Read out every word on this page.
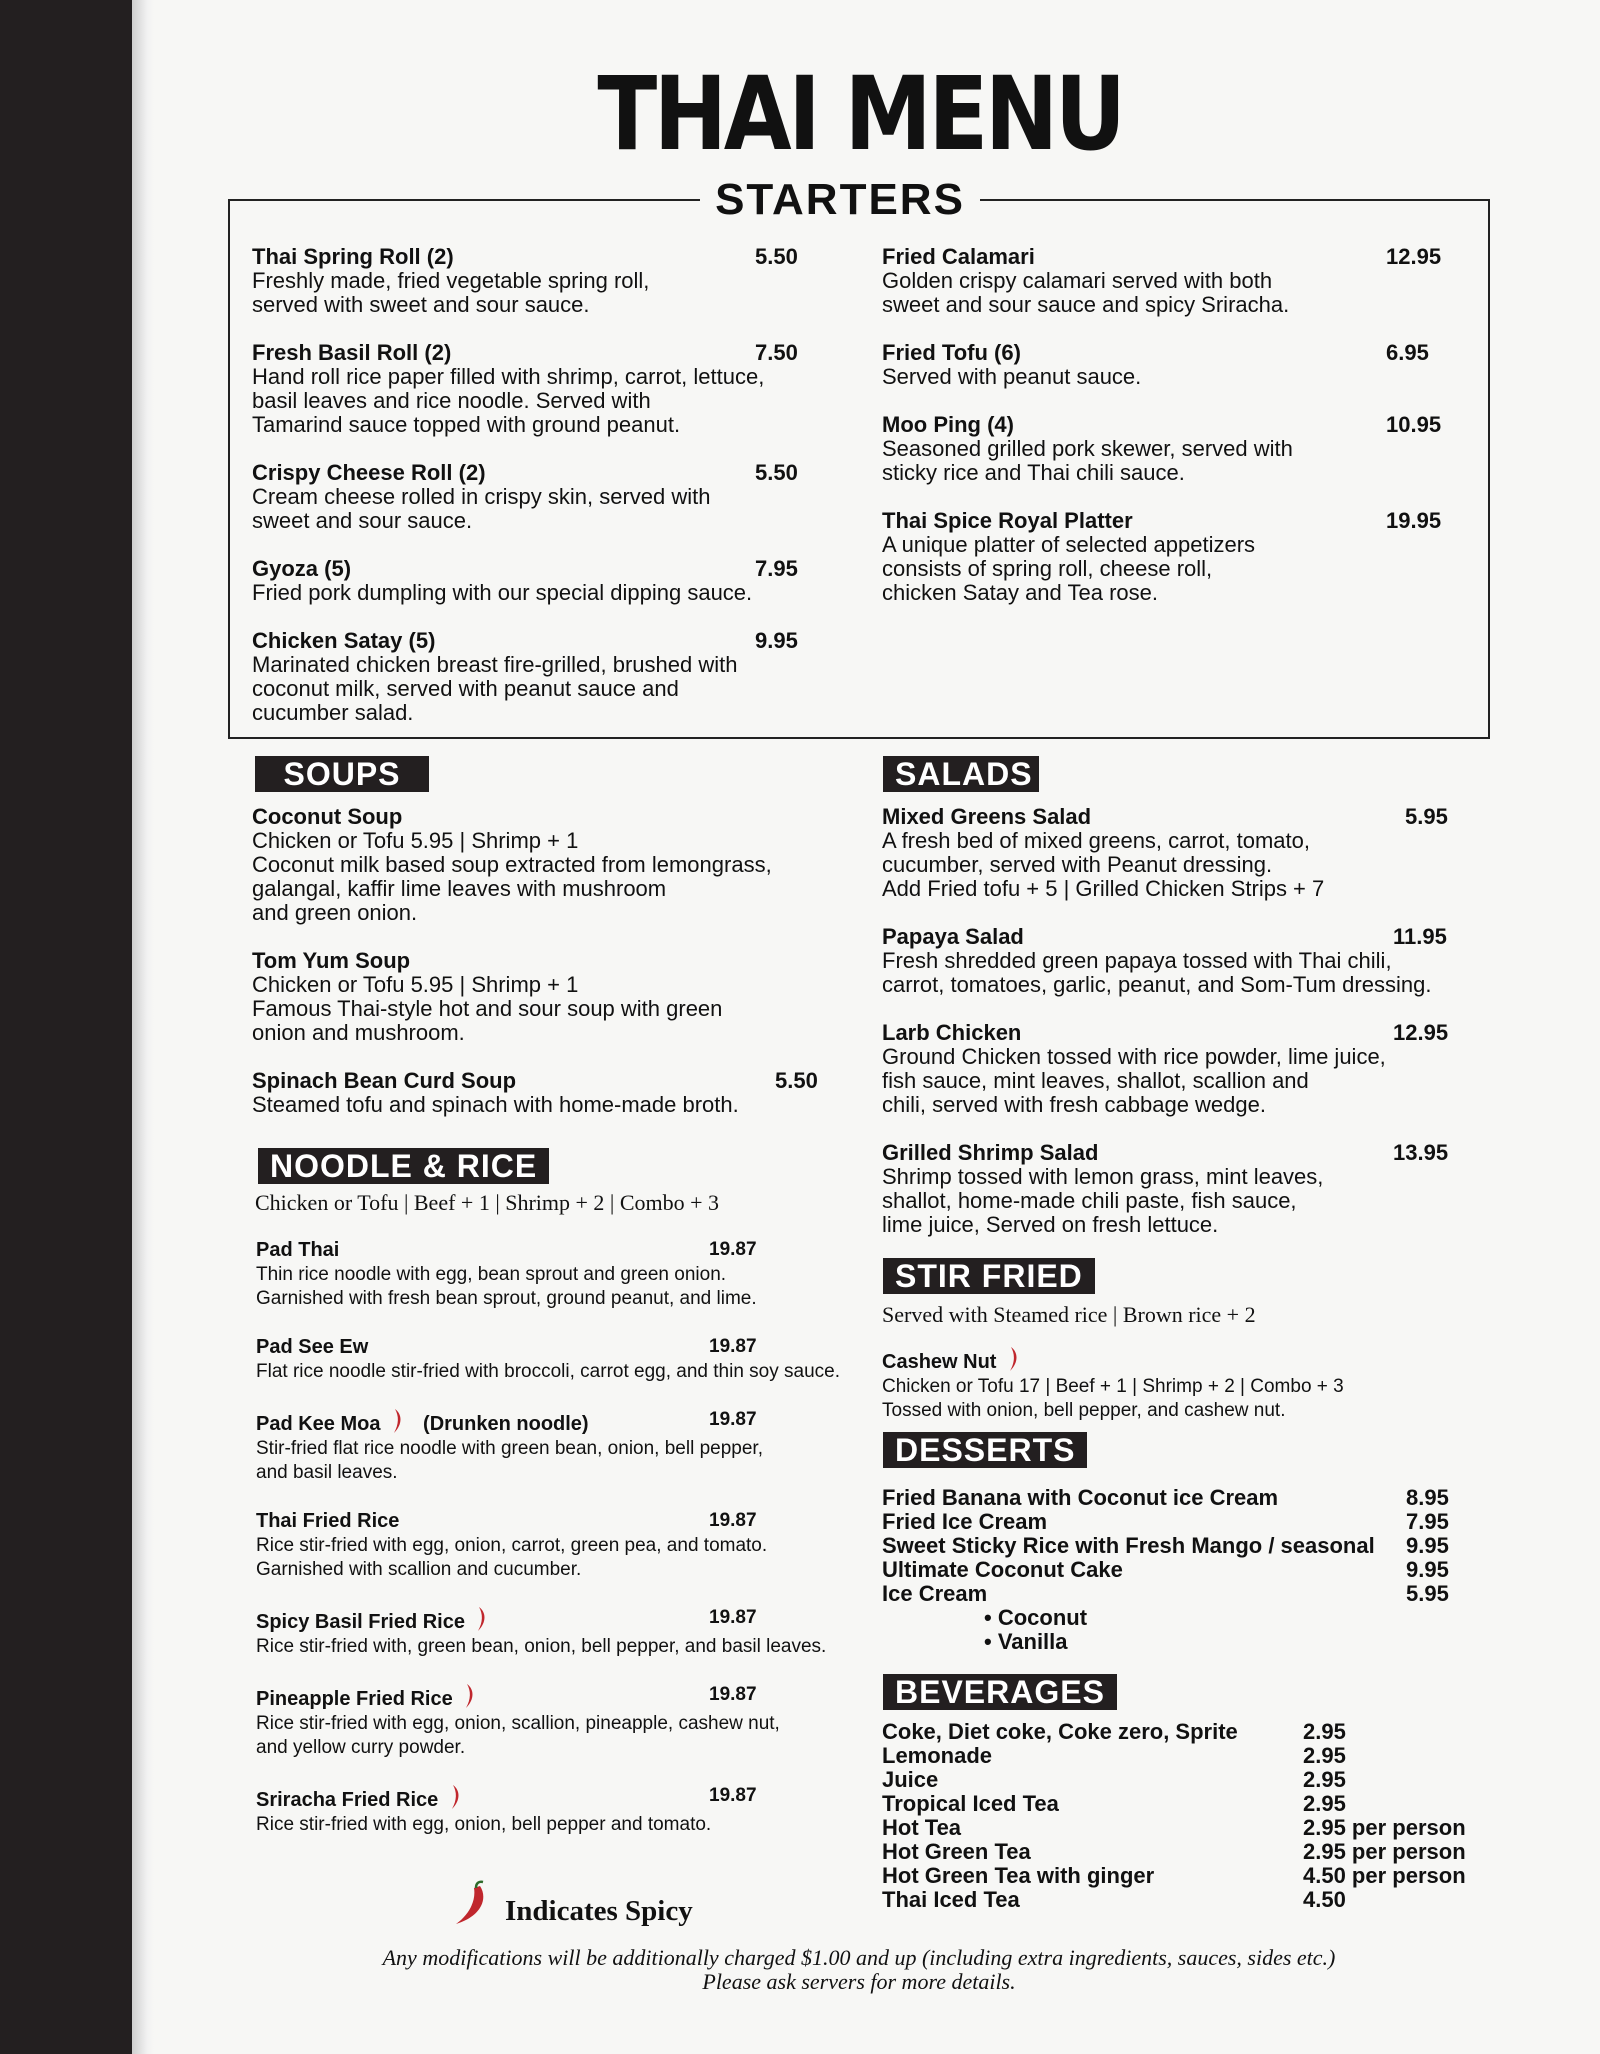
THAI MENU
STARTERS
Thai Spring Roll (2)	5.50
Freshly made, fried vegetable spring roll,
served with sweet and sour sauce.
Fresh Basil Roll (2)	7.50
Hand roll rice paper filled with shrimp, carrot, lettuce,
basil leaves and rice noodle. Served with
Tamarind sauce topped with ground peanut.
Crispy Cheese Roll (2)	5.50
Cream cheese rolled in crispy skin, served with
sweet and sour sauce.
Gyoza (5)	7.95
Fried pork dumpling with our special dipping sauce.
Chicken Satay (5)	9.95
Marinated chicken breast fire-grilled, brushed with
coconut milk, served with peanut sauce and
cucumber salad.
Fried Calamari	12.95
Golden crispy calamari served with both
sweet and sour sauce and spicy Sriracha.
Fried Tofu (6)	6.95
Served with peanut sauce.
Moo Ping (4)	10.95
Seasoned grilled pork skewer, served with
sticky rice and Thai chili sauce.
Thai Spice Royal Platter	19.95
A unique platter of selected appetizers
consists of spring roll, cheese roll,
chicken Satay and Tea rose.
SOUPS
Coconut Soup
Chicken or Tofu 5.95 | Shrimp + 1
Coconut milk based soup extracted from lemongrass,
galangal, kaffir lime leaves with mushroom
and green onion.
Tom Yum Soup
Chicken or Tofu 5.95 | Shrimp + 1
Famous Thai-style hot and sour soup with green
onion and mushroom.
Spinach Bean Curd Soup	5.50
Steamed tofu and spinach with home-made broth.
NOODLE & RICE
Chicken or Tofu | Beef + 1 | Shrimp + 2 | Combo + 3
Pad Thai	19.87
Thin rice noodle with egg, bean sprout and green onion.
Garnished with fresh bean sprout, ground peanut, and lime.
Pad See Ew	19.87
Flat rice noodle stir-fried with broccoli, carrot egg, and thin soy sauce.
Pad Kee Moa (Drunken noodle)	19.87
Stir-fried flat rice noodle with green bean, onion, bell pepper,
and basil leaves.
Thai Fried Rice	19.87
Rice stir-fried with egg, onion, carrot, green pea, and tomato.
Garnished with scallion and cucumber.
Spicy Basil Fried Rice	19.87
Rice stir-fried with, green bean, onion, bell pepper, and basil leaves.
Pineapple Fried Rice	19.87
Rice stir-fried with egg, onion, scallion, pineapple, cashew nut,
and yellow curry powder.
Sriracha Fried Rice	19.87
Rice stir-fried with egg, onion, bell pepper and tomato.
SALADS
Mixed Greens Salad	5.95
A fresh bed of mixed greens, carrot, tomato,
cucumber, served with Peanut dressing.
Add Fried tofu + 5 | Grilled Chicken Strips + 7
Papaya Salad	11.95
Fresh shredded green papaya tossed with Thai chili,
carrot, tomatoes, garlic, peanut, and Som-Tum dressing.
Larb Chicken	12.95
Ground Chicken tossed with rice powder, lime juice,
fish sauce, mint leaves, shallot, scallion and
chili, served with fresh cabbage wedge.
Grilled Shrimp Salad	13.95
Shrimp tossed with lemon grass, mint leaves,
shallot, home-made chili paste, fish sauce,
lime juice, Served on fresh lettuce.
STIR FRIED
Served with Steamed rice | Brown rice + 2
Cashew Nut
Chicken or Tofu 17 | Beef + 1 | Shrimp + 2 | Combo + 3
Tossed with onion, bell pepper, and cashew nut.
DESSERTS
Fried Banana with Coconut ice Cream	8.95
Fried Ice Cream	7.95
Sweet Sticky Rice with Fresh Mango / seasonal 9.95
Ultimate Coconut Cake	9.95
Ice Cream	5.95
• Coconut
• Vanilla
BEVERAGES
Coke, Diet coke, Coke zero, Sprite	2.95
Lemonade	2.95
Juice	2.95
Tropical Iced Tea	2.95
Hot Tea	2.95 per person
Hot Green Tea	2.95 per person
Hot Green Tea with ginger	4.50 per person
Thai Iced Tea	4.50
Indicates Spicy
Any modifications will be additionally charged $1.00 and up (including extra ingredients, sauces, sides etc.)
Please ask servers for more details.
